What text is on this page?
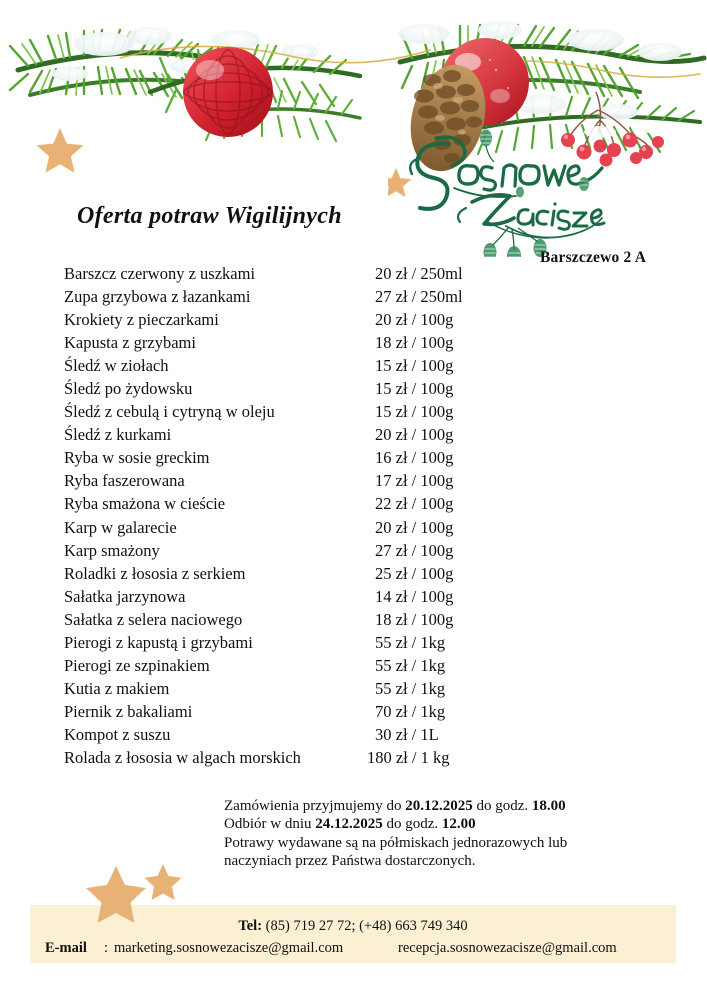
Barszczewo 2 A
Oferta potraw Wigilijnych
Barszcz czerwony z uszkami	20 zł / 250ml
Zupa grzybowa z łazankami	27 zł / 250ml
Krokiety z pieczarkami	20 zł / 100g
Kapusta z grzybami	18 zł / 100g
Śledź w ziołach	15 zł / 100g
Śledź po żydowsku	15 zł / 100g
Śledź z cebulą i cytryną w oleju	15 zł / 100g
Śledź z kurkami	20 zł / 100g
Ryba w sosie greckim	16 zł / 100g
Ryba faszerowana	17 zł / 100g
Ryba smażona w cieście	22 zł / 100g
Karp w galarecie	20 zł / 100g
Karp smażony	27 zł / 100g
Roladki z łososia z serkiem	25 zł / 100g
Sałatka jarzynowa	14 zł / 100g
Sałatka z selera naciowego	18 zł / 100g
Pierogi z kapustą i grzybami	55 zł / 1kg
Pierogi ze szpinakiem	55 zł / 1kg
Kutia z makiem	55 zł / 1kg
Piernik z bakaliami	70 zł / 1kg
Kompot z suszu	30 zł / 1L
Rolada z łososia w algach morskich	180 zł / 1 kg
Zamówienia przyjmujemy do 20.12.2025 do godz. 18.00
Odbiór w dniu 24.12.2025 do godz. 12.00
Potrawy wydawane są na półmiskach jednorazowych lub
naczyniach przez Państwa dostarczonych.
Tel: (85) 719 27 72; (+48) 663 749 340
E-mail : marketing.sosnowezacisze@gmail.com	recepcja.sosnowezacisze@gmail.com
